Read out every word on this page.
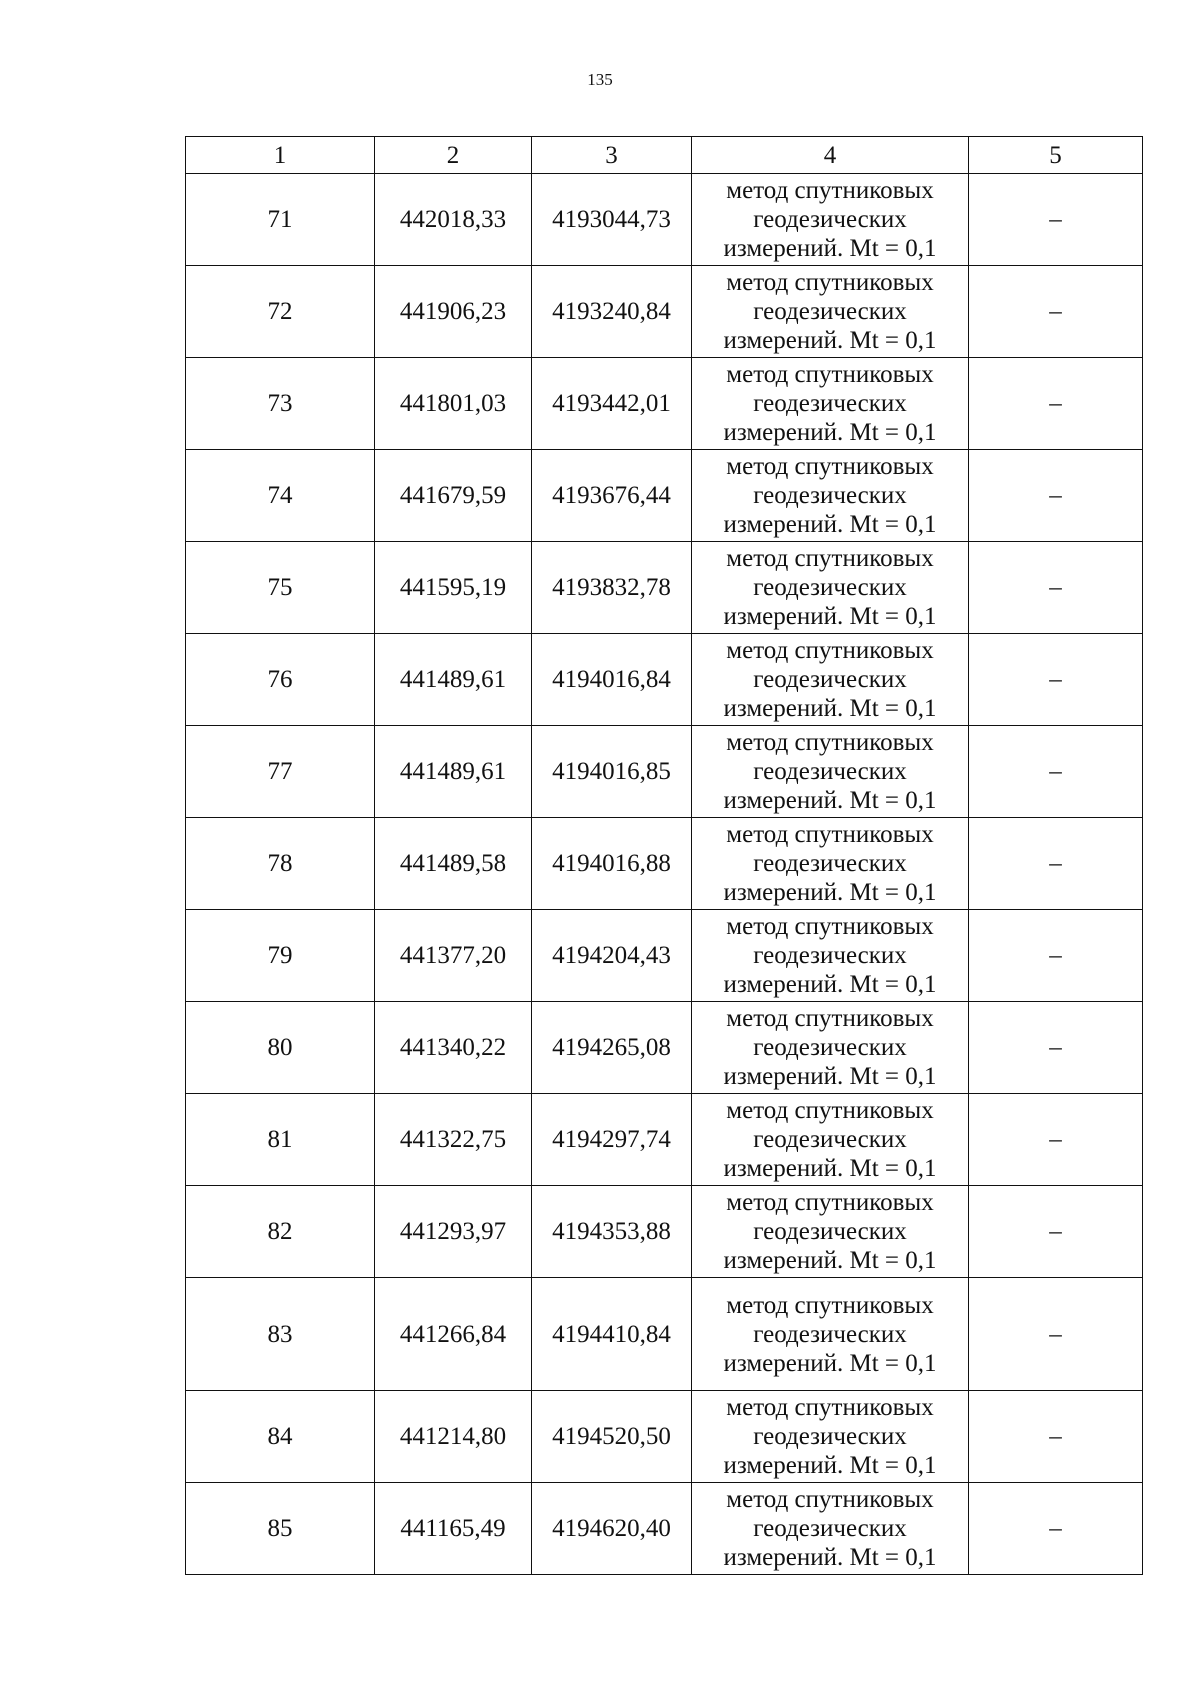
135
1	2	3	4	5
71	442018,33	4193044,73	метод спутниковых
геодезических
измерений. Mt = 0,1	–
72	441906,23	4193240,84	метод спутниковых
геодезических
измерений. Mt = 0,1	–
73	441801,03	4193442,01	метод спутниковых
геодезических
измерений. Mt = 0,1	–
74	441679,59	4193676,44	метод спутниковых
геодезических
измерений. Mt = 0,1	–
75	441595,19	4193832,78	метод спутниковых
геодезических
измерений. Mt = 0,1	–
76	441489,61	4194016,84	метод спутниковых
геодезических
измерений. Mt = 0,1	–
77	441489,61	4194016,85	метод спутниковых
геодезических
измерений. Mt = 0,1	–
78	441489,58	4194016,88	метод спутниковых
геодезических
измерений. Mt = 0,1	–
79	441377,20	4194204,43	метод спутниковых
геодезических
измерений. Mt = 0,1	–
80	441340,22	4194265,08	метод спутниковых
геодезических
измерений. Mt = 0,1	–
81	441322,75	4194297,74	метод спутниковых
геодезических
измерений. Mt = 0,1	–
82	441293,97	4194353,88	метод спутниковых
геодезических
измерений. Mt = 0,1	–
83	441266,84	4194410,84	метод спутниковых
геодезических
измерений. Mt = 0,1	–
84	441214,80	4194520,50	метод спутниковых
геодезических
измерений. Mt = 0,1	–
85	441165,49	4194620,40	метод спутниковых
геодезических
измерений. Mt = 0,1	–
